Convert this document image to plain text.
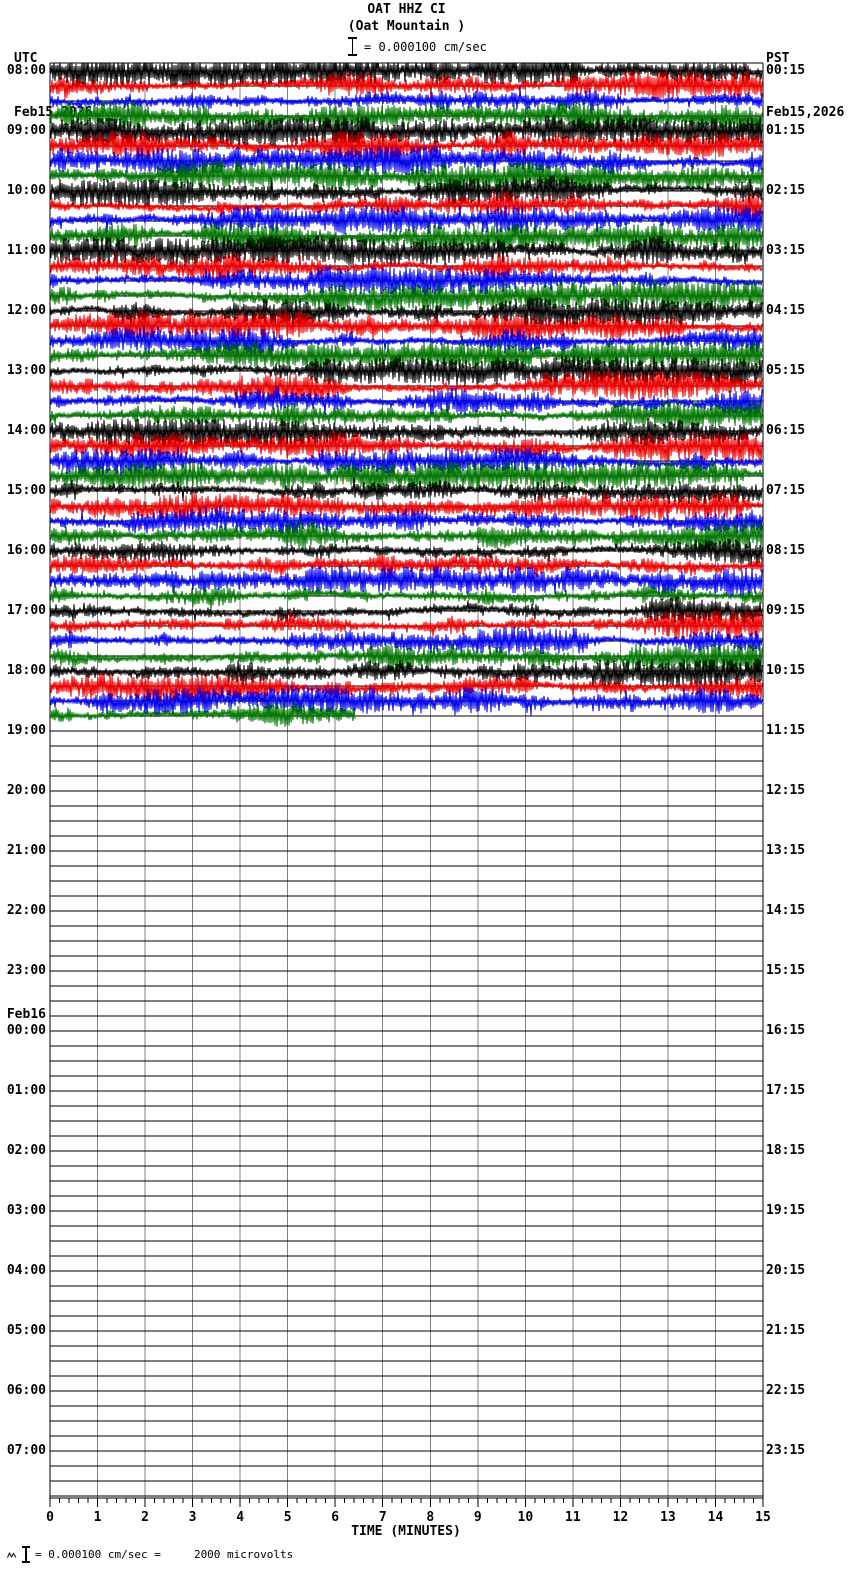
UTC

Feb15,2026

PST

Feb15,2026

OAT HHZ CI
(Oat Mountain )
= 0.000100 cm/sec
0	1	2	3	4	5	6	7	8	9	10 11 12 13 14 15
08:00
09:00
10:00
11:00
12:00
13:00
14:00
15:00
16:00
17:00
18:00
19:00
20:00
21:00
22:00
23:00
Feb16
00:00
01:00
02:00
03:00
04:00
05:00
06:00
07:00
00:15
01:15
02:15
03:15
04:15
05:15
06:15
07:15
08:15
09:15
10:15
11:15
12:15
13:15
14:15
15:15
16:15
17:15
18:15
19:15
20:15
21:15
22:15
23:15
TIME (MINUTES)
= 0.000100 cm/sec =     2000 microvolts
